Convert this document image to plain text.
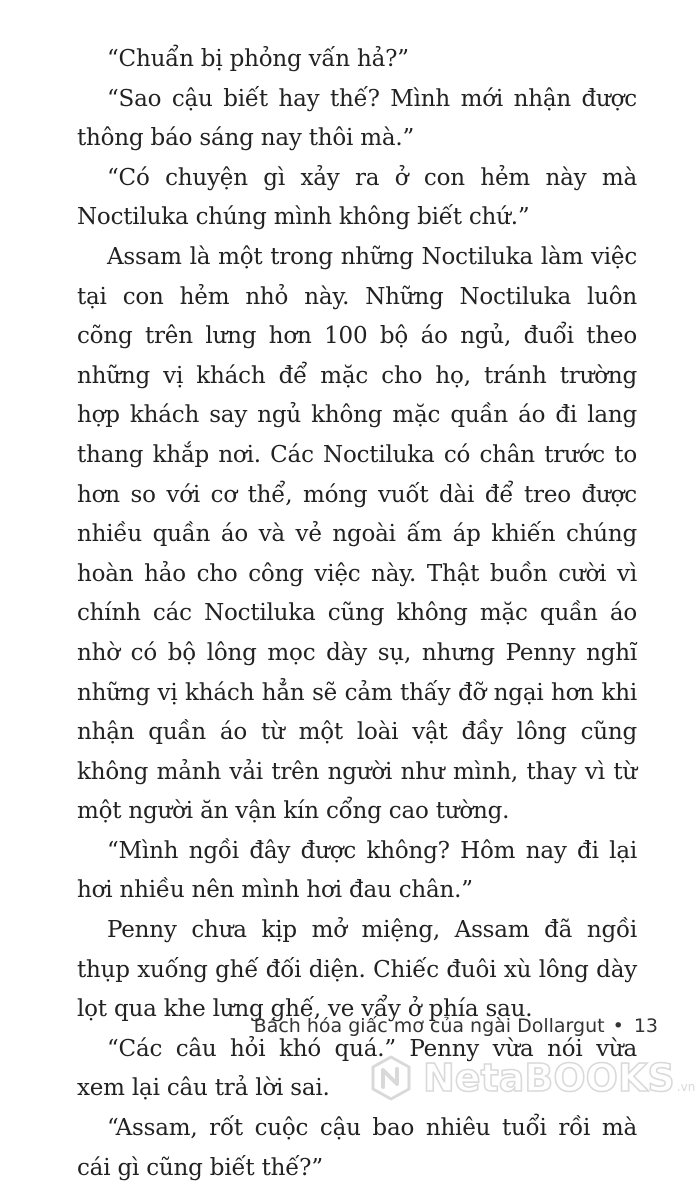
“Chuẩn bị phỏng vấn hả?”

“Sao cậu biết hay thế? Mình mới nhận được thông báo sáng nay thôi mà.”

“Có chuyện gì xảy ra ở con hẻm này mà Noctiluka chúng mình không biết chứ.”

Assam là một trong những Noctiluka làm việc tại con hẻm nhỏ này. Những Noctiluka luôn cõng trên lưng hơn 100 bộ áo ngủ, đuổi theo những vị khách để mặc cho họ, tránh trường hợp khách say ngủ không mặc quần áo đi lang thang khắp nơi. Các Noctiluka có chân trước to hơn so với cơ thể, móng vuốt dài để treo được nhiều quần áo và vẻ ngoài ấm áp khiến chúng hoàn hảo cho công việc này. Thật buồn cười vì chính các Noctiluka cũng không mặc quần áo nhờ có bộ lông mọc dày sụ, nhưng Penny nghĩ những vị khách hẳn sẽ cảm thấy đỡ ngại hơn khi nhận quần áo từ một loài vật đầy lông cũng không mảnh vải trên người như mình, thay vì từ một người ăn vận kín cổng cao tường.

“Mình ngồi đây được không? Hôm nay đi lại hơi nhiều nên mình hơi đau chân.”

Penny chưa kịp mở miệng, Assam đã ngồi thụp xuống ghế đối diện. Chiếc đuôi xù lông dày lọt qua khe lưng ghế, ve vẩy ở phía sau.

“Các câu hỏi khó quá.” Penny vừa nói vừa xem lại câu trả lời sai.

“Assam, rốt cuộc cậu bao nhiêu tuổi rồi mà cái gì cũng biết thế?”

Bách hóa giấc mơ của ngài Dollargut • 13
NetaBOOKS .vn
